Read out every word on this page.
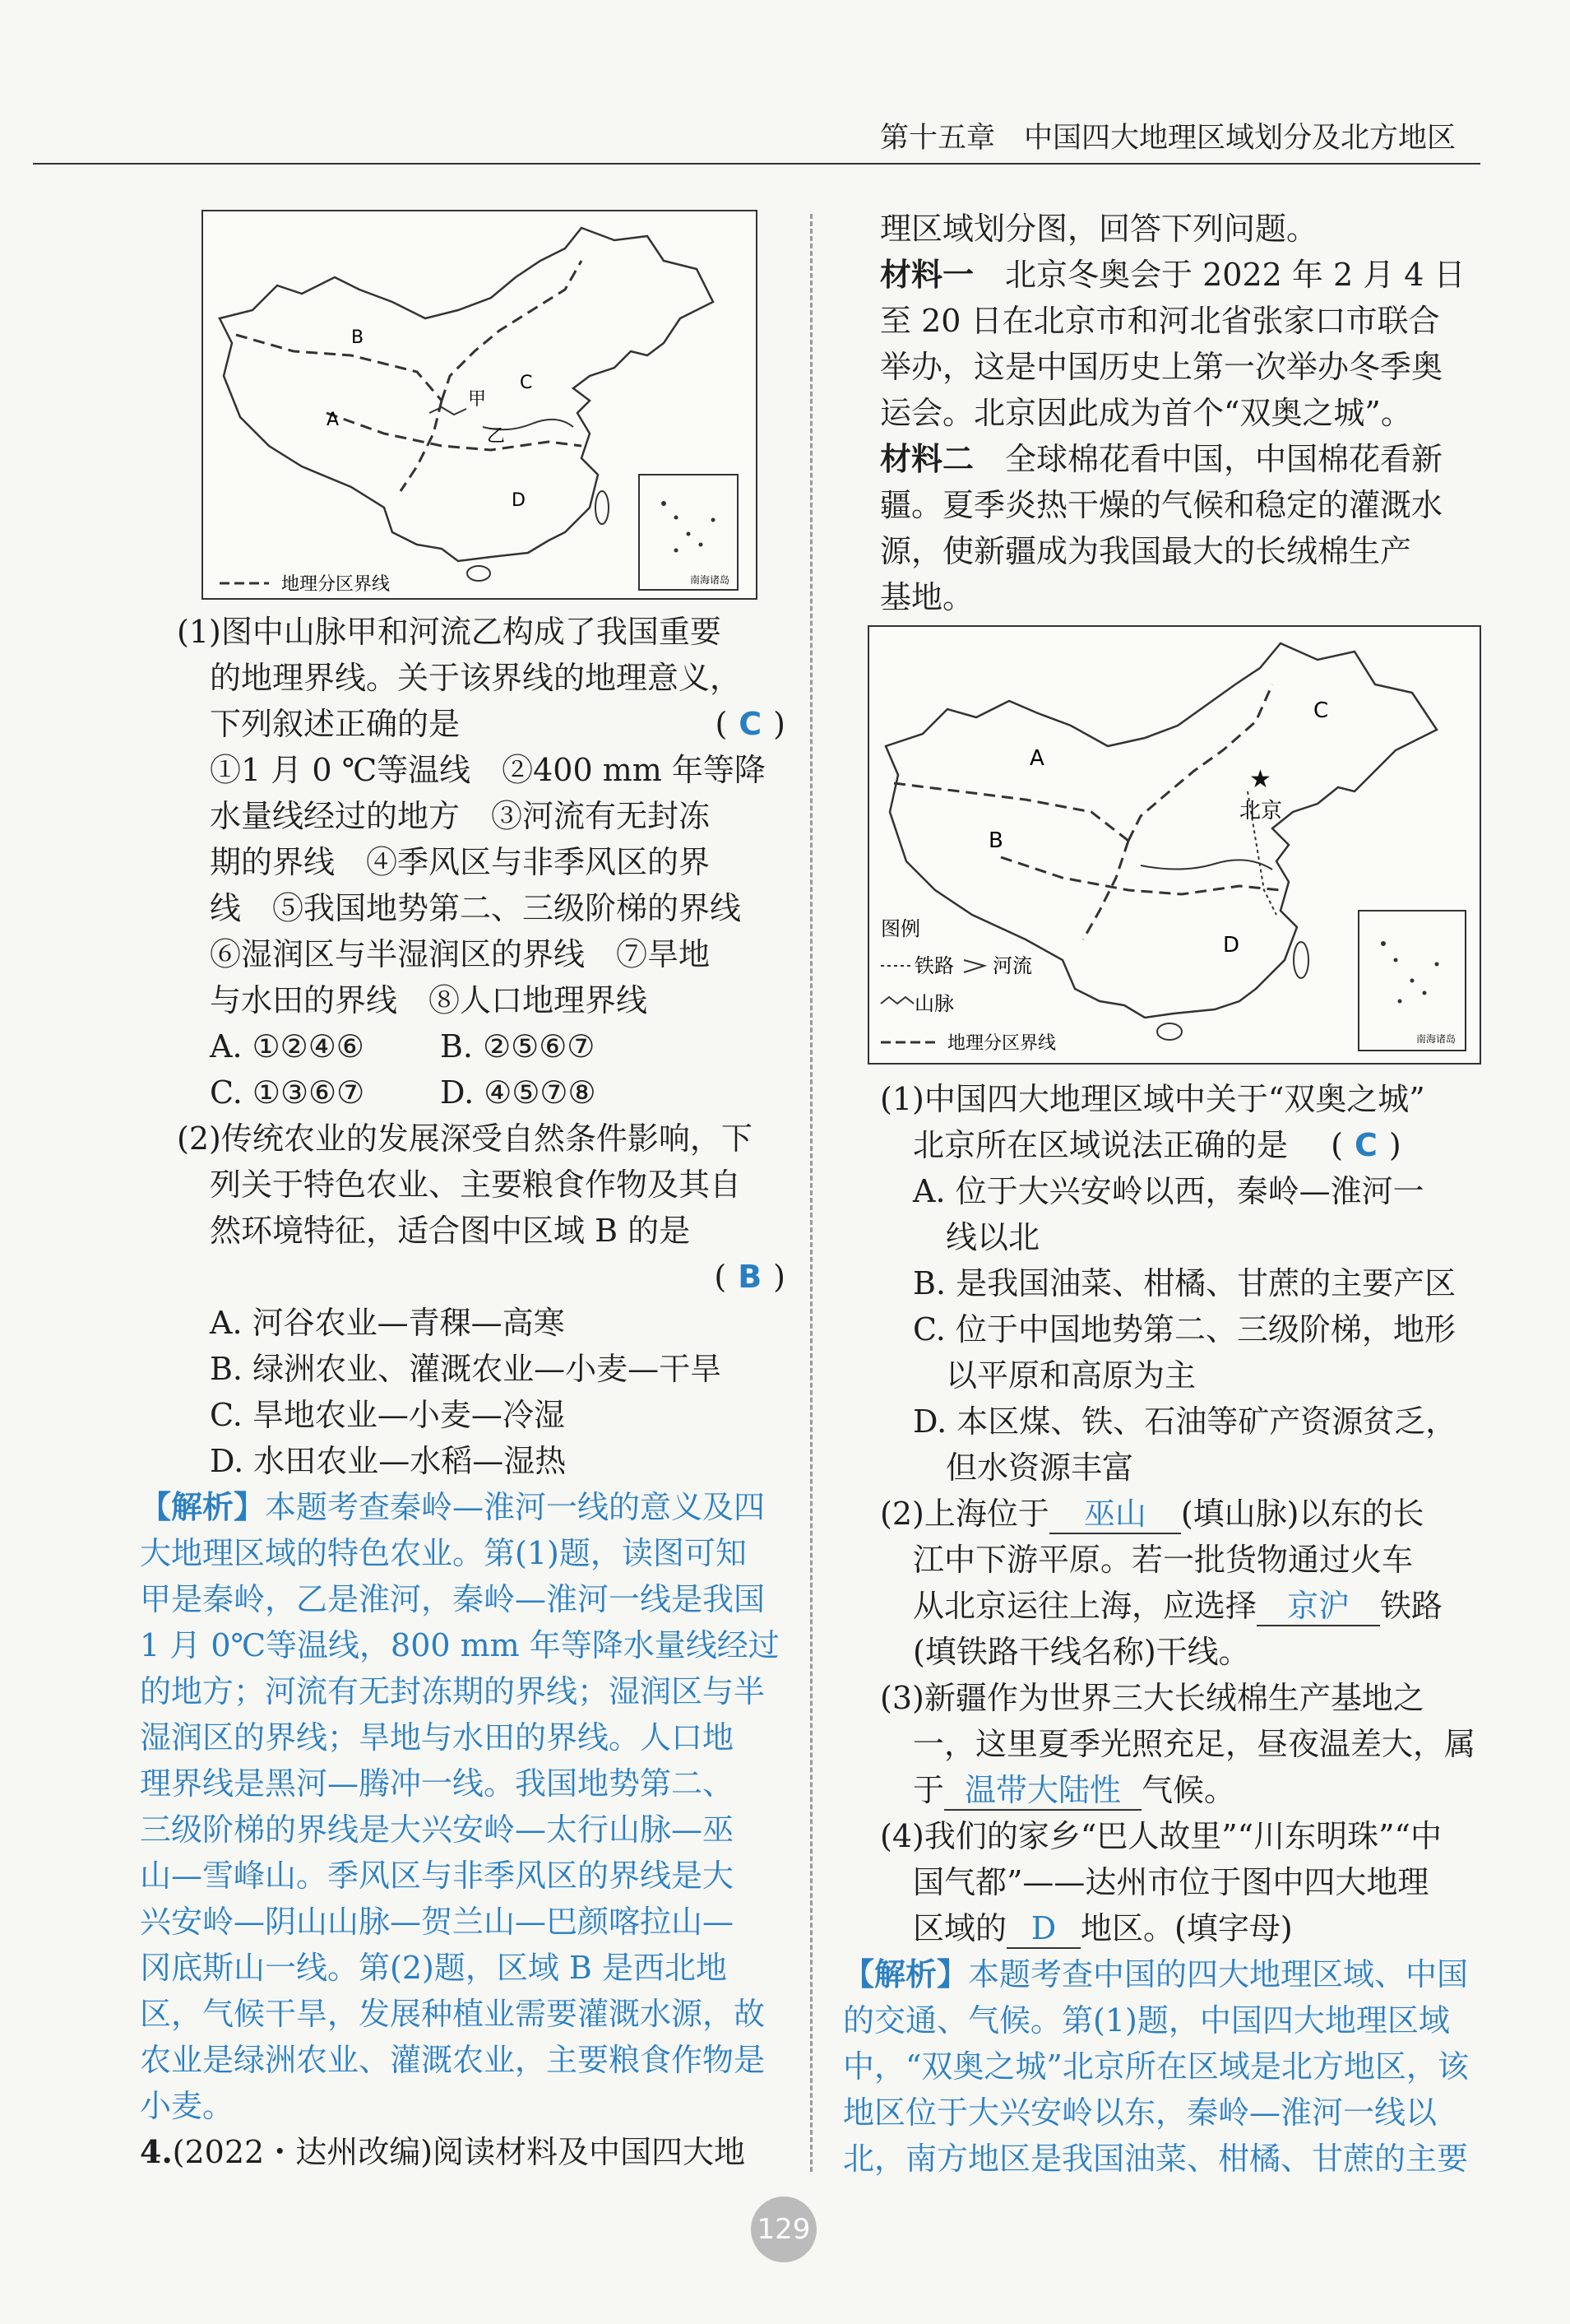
第十五章　中国四大地理区域划分及北方地区
A
B
C
D
甲
乙
地理分区界线	南海诸岛

(1)图中山脉甲和河流乙构成了我国重要

的地理界线。关于该界线的地理意义，

下列叙述正确的是	( C )

①1 月 0 ℃等温线　②400 mm 年等降

水量线经过的地方　③河流有无封冻

期的界线　④季风区与非季风区的界

线　⑤我国地势第二、三级阶梯的界线

⑥湿润区与半湿润区的界线　⑦旱地

与水田的界线　⑧人口地理界线

A. ①②④⑥ B. ②⑤⑥⑦

C. ①③⑥⑦ D. ④⑤⑦⑧

(2)传统农业的发展深受自然条件影响，下

列关于特色农业、主要粮食作物及其自

然环境特征，适合图中区域 B 的是

( B )

A. 河谷农业—青稞—高寒

B. 绿洲农业、灌溉农业—小麦—干旱

C. 旱地农业—小麦—冷湿

D. 水田农业—水稻—湿热

【解析】本题考查秦岭—淮河一线的意义及四

大地理区域的特色农业。第(1)题，读图可知

甲是秦岭，乙是淮河，秦岭—淮河一线是我国

1 月 0℃等温线，800 mm 年等降水量线经过

的地方；河流有无封冻期的界线；湿润区与半

湿润区的界线；旱地与水田的界线。人口地

理界线是黑河—腾冲一线。我国地势第二、

三级阶梯的界线是大兴安岭—太行山脉—巫

山—雪峰山。季风区与非季风区的界线是大

兴安岭—阴山山脉—贺兰山—巴颜喀拉山—

冈底斯山一线。第(2)题，区域 B 是西北地

区，气候干旱，发展种植业需要灌溉水源，故

农业是绿洲农业、灌溉农业，主要粮食作物是

小麦。

4.(2022・达州改编)阅读材料及中国四大地

理区域划分图，回答下列问题。

材料一　北京冬奥会于 2022 年 2 月 4 日

至 20 日在北京市和河北省张家口市联合

举办，这是中国历史上第一次举办冬季奥

运会。北京因此成为首个“双奥之城”。

材料二　全球棉花看中国，中国棉花看新

疆。夏季炎热干燥的气候和稳定的灌溉水

源，使新疆成为我国最大的长绒棉生产

基地。

A
B
C
D
★
北京
图例
铁路 河流
山脉
地理分区界线	南海诸岛

(1)中国四大地理区域中关于“双奥之城”

北京所在区域说法正确的是 ( C )

A. 位于大兴安岭以西，秦岭—淮河一

线以北

B. 是我国油菜、柑橘、甘蔗的主要产区

C. 位于中国地势第二、三级阶梯，地形

以平原和高原为主

D. 本区煤、铁、石油等矿产资源贫乏，

但水资源丰富

(2)上海位于 巫山 (填山脉)以东的长

江中下游平原。若一批货物通过火车

从北京运往上海，应选择 京沪 铁路

(填铁路干线名称)干线。

(3)新疆作为世界三大长绒棉生产基地之

一，这里夏季光照充足，昼夜温差大，属

于 温带大陆性 气候。

(4)我们的家乡“巴人故里”“川东明珠”“中

国气都”——达州市位于图中四大地理

区域的 D 地区。(填字母)

【解析】本题考查中国的四大地理区域、中国

的交通、气候。第(1)题，中国四大地理区域

中，“双奥之城”北京所在区域是北方地区，该

地区位于大兴安岭以东，秦岭—淮河一线以

北，南方地区是我国油菜、柑橘、甘蔗的主要

129
